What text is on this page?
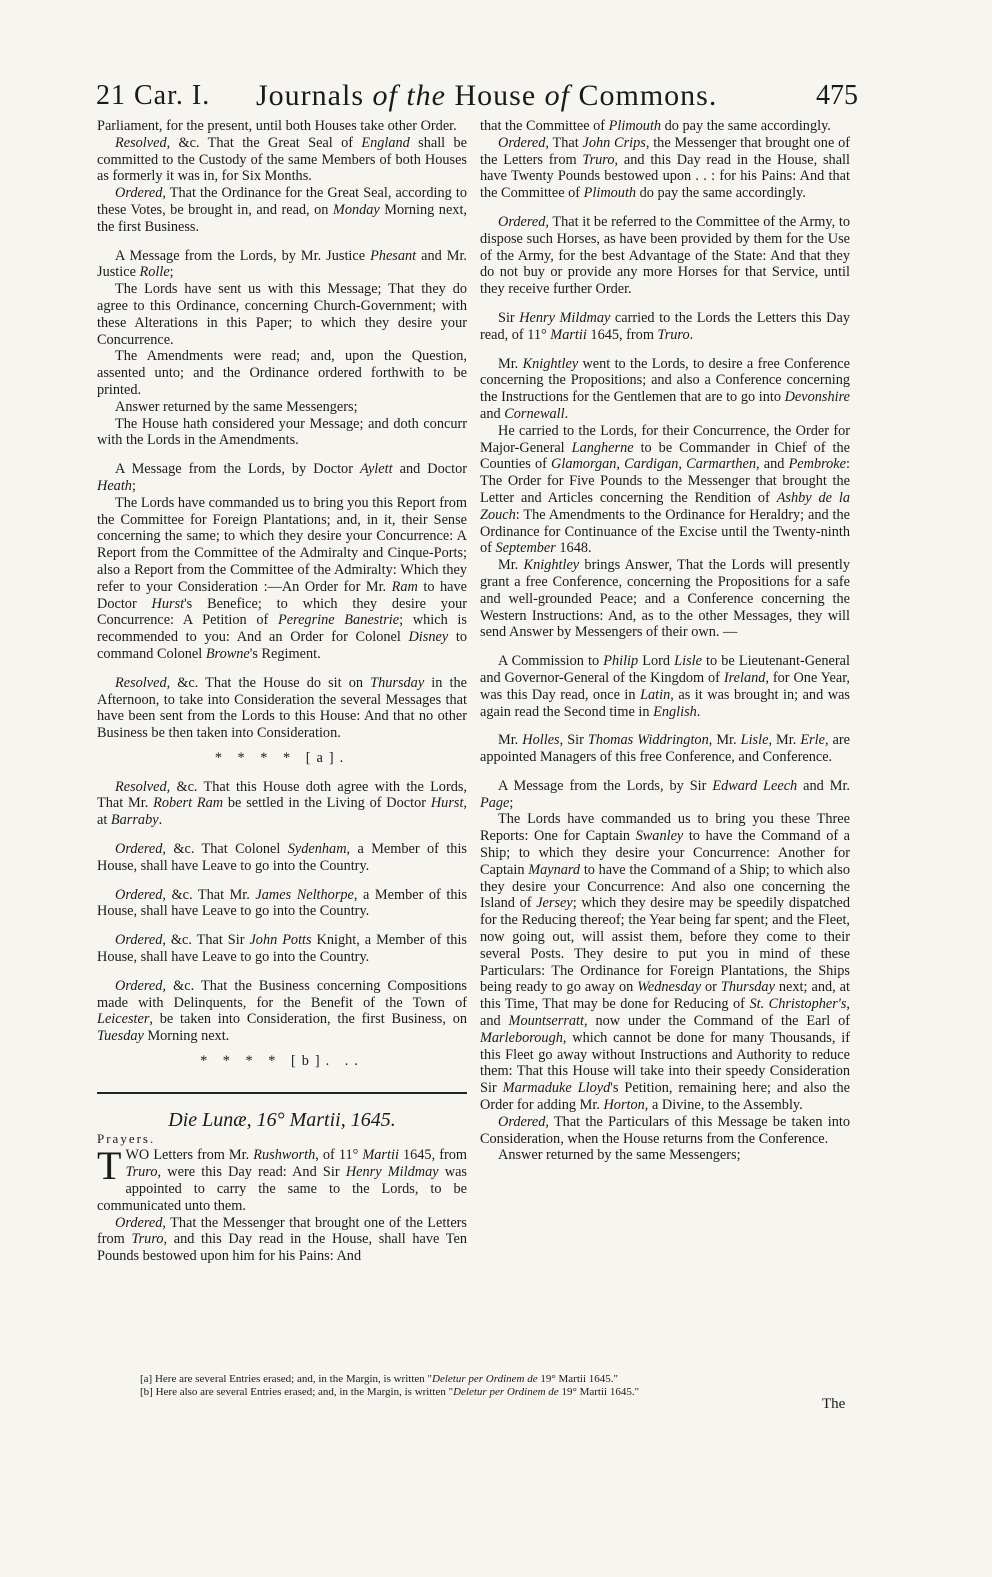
21 Car. I. Journals of the House of Commons.	475

Parliament, for the present, until both Houses take other Order.

Resolved, &c. That the Great Seal of England shall be committed to the Custody of the same Members of both Houses as formerly it was in, for Six Months.

Ordered, That the Ordinance for the Great Seal, according to these Votes, be brought in, and read, on Monday Morning next, the first Business.

A Message from the Lords, by Mr. Justice Phesant and Mr. Justice Rolle;

The Lords have sent us with this Message; That they do agree to this Ordinance, concerning Church-Government; with these Alterations in this Paper; to which they desire your Concurrence.

The Amendments were read; and, upon the Question, assented unto; and the Ordinance ordered forthwith to be printed.

Answer returned by the same Messengers;

The House hath considered your Message; and doth concurr with the Lords in the Amendments.

A Message from the Lords, by Doctor Aylett and Doctor Heath;

The Lords have commanded us to bring you this Report from the Committee for Foreign Plantations; and, in it, their Sense concerning the same; to which they desire your Concurrence: A Report from the Committee of the Admiralty and Cinque-Ports; also a Report from the Committee of the Admiralty: Which they refer to your Consideration :—An Order for Mr. Ram to have Doctor Hurst's Benefice; to which they desire your Concurrence: A Petition of Peregrine Banestrie; which is recommended to you: And an Order for Colonel Disney to command Colonel Browne's Regiment.

Resolved, &c. That the House do sit on Thursday in the Afternoon, to take into Consideration the several Messages that have been sent from the Lords to this House: And that no other Business be then taken into Consideration.

* * * * [a].

Resolved, &c. That this House doth agree with the Lords, That Mr. Robert Ram be settled in the Living of Doctor Hurst, at Barraby.

Ordered, &c. That Colonel Sydenham, a Member of this House, shall have Leave to go into the Country.

Ordered, &c. That Mr. James Nelthorpe, a Member of this House, shall have Leave to go into the Country.

Ordered, &c. That Sir John Potts Knight, a Member of this House, shall have Leave to go into the Country.

Ordered, &c. That the Business concerning Compositions made with Delinquents, for the Benefit of the Town of Leicester, be taken into Consideration, the first Business, on Tuesday Morning next.

* * * * [b]. ..

Die Lunæ, 16° Martii, 1645.

Prayers.

TWO Letters from Mr. Rushworth, of 11° Martii 1645, from Truro, were this Day read: And Sir Henry Mildmay was appointed to carry the same to the Lords, to be communicated unto them.

Ordered, That the Messenger that brought one of the Letters from Truro, and this Day read in the House, shall have Ten Pounds bestowed upon him for his Pains: And

that the Committee of Plimouth do pay the same accordingly.

Ordered, That John Crips, the Messenger that brought one of the Letters from Truro, and this Day read in the House, shall have Twenty Pounds bestowed upon . . : for his Pains: And that the Committee of Plimouth do pay the same accordingly.

Ordered, That it be referred to the Committee of the Army, to dispose such Horses, as have been provided by them for the Use of the Army, for the best Advantage of the State: And that they do not buy or provide any more Horses for that Service, until they receive further Order.

Sir Henry Mildmay carried to the Lords the Letters this Day read, of 11° Martii 1645, from Truro.

Mr. Knightley went to the Lords, to desire a free Conference concerning the Propositions; and also a Conference concerning the Instructions for the Gentlemen that are to go into Devonshire and Cornewall.

He carried to the Lords, for their Concurrence, the Order for Major-General Langherne to be Commander in Chief of the Counties of Glamorgan, Cardigan, Carmarthen, and Pembroke: The Order for Five Pounds to the Messenger that brought the Letter and Articles concerning the Rendition of Ashby de la Zouch: The Amendments to the Ordinance for Heraldry; and the Ordinance for Continuance of the Excise until the Twenty-ninth of September 1648.

Mr. Knightley brings Answer, That the Lords will presently grant a free Conference, concerning the Propositions for a safe and well-grounded Peace; and a Conference concerning the Western Instructions: And, as to the other Messages, they will send Answer by Messengers of their own. —

A Commission to Philip Lord Lisle to be Lieutenant-General and Governor-General of the Kingdom of Ireland, for One Year, was this Day read, once in Latin, as it was brought in; and was again read the Second time in English.

Mr. Holles, Sir Thomas Widdrington, Mr. Lisle, Mr. Erle, are appointed Managers of this free Conference, and Conference.

A Message from the Lords, by Sir Edward Leech and Mr. Page;

The Lords have commanded us to bring you these Three Reports: One for Captain Swanley to have the Command of a Ship; to which they desire your Concurrence: Another for Captain Maynard to have the Command of a Ship; to which also they desire your Concurrence: And also one concerning the Island of Jersey; which they desire may be speedily dispatched for the Reducing thereof; the Year being far spent; and the Fleet, now going out, will assist them, before they come to their several Posts. They desire to put you in mind of these Particulars: The Ordinance for Foreign Plantations, the Ships being ready to go away on Wednesday or Thursday next; and, at this Time, That may be done for Reducing of St. Christopher's, and Mountserratt, now under the Command of the Earl of Marleborough, which cannot be done for many Thousands, if this Fleet go away without Instructions and Authority to reduce them: That this House will take into their speedy Consideration Sir Marmaduke Lloyd's Petition, remaining here; and also the Order for adding Mr. Horton, a Divine, to the Assembly.

Ordered, That the Particulars of this Message be taken into Consideration, when the House returns from the Conference.

Answer returned by the same Messengers;

[a] Here are several Entries erased; and, in the Margin, is written "Deletur per Ordinem de 19° Martii 1645."

[b] Here also are several Entries erased; and, in the Margin, is written "Deletur per Ordinem de 19° Martii 1645."

The
